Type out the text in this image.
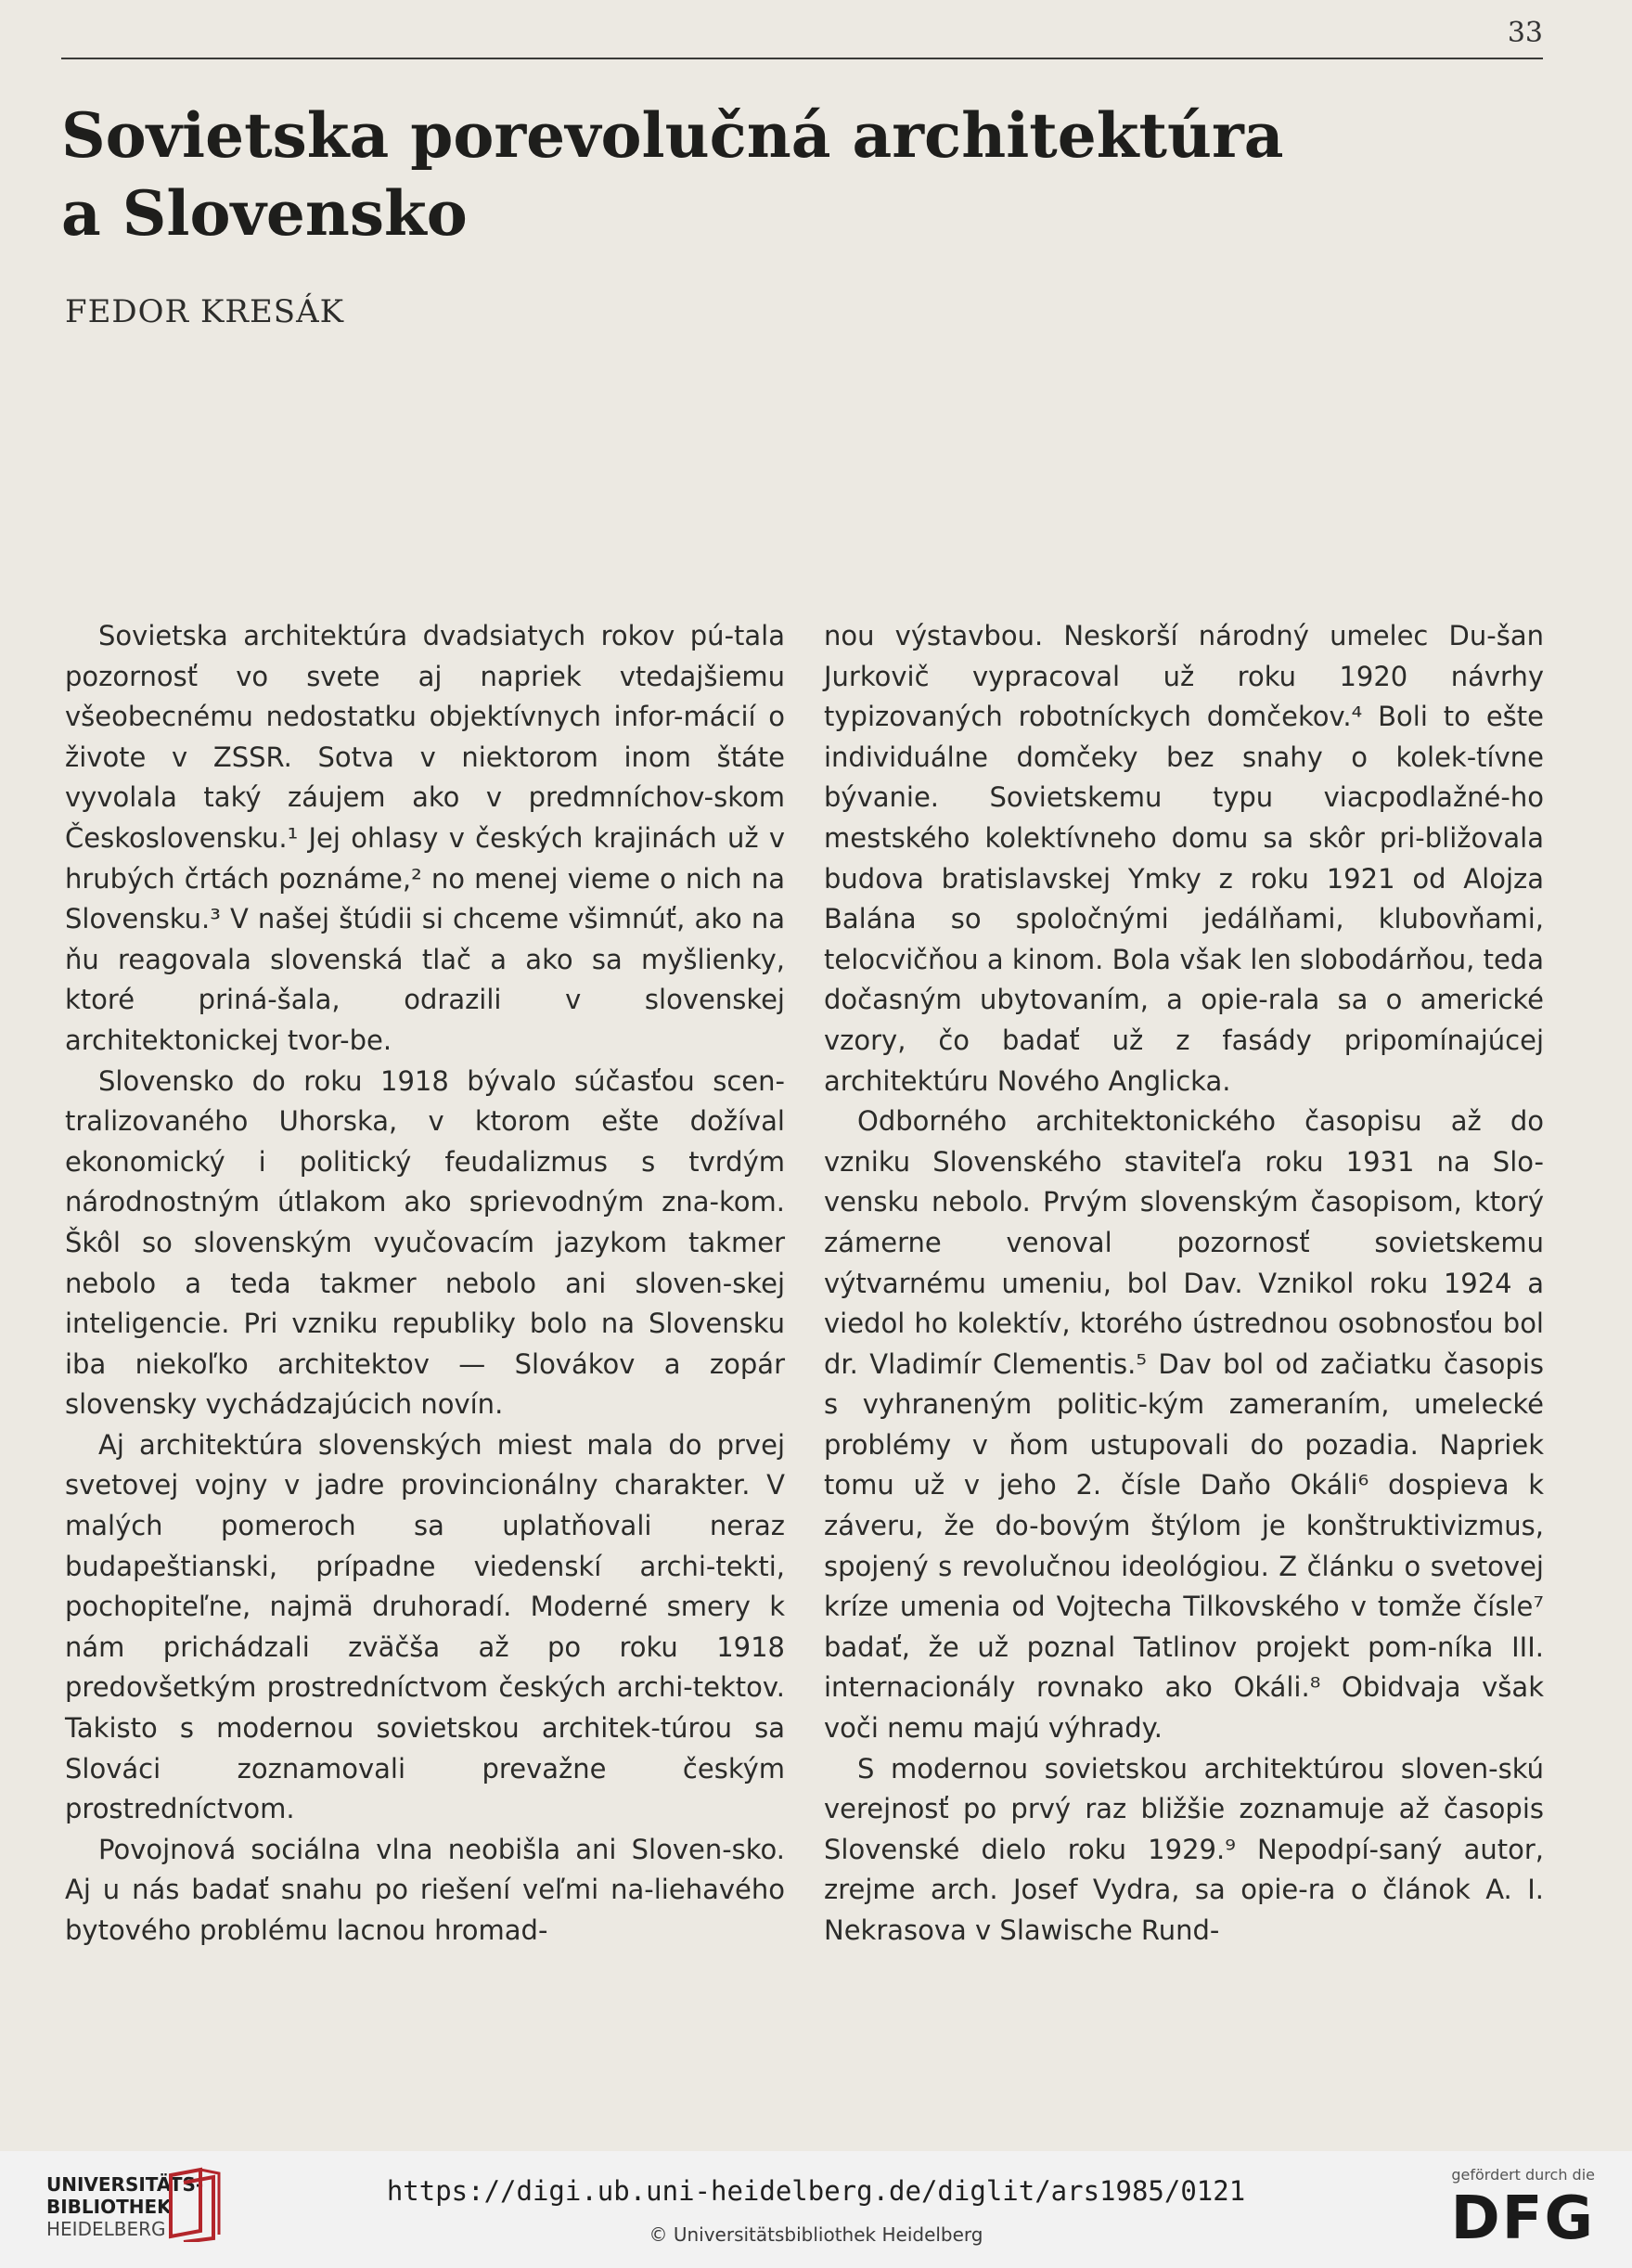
33
Sovietska porevolučná architektúra
a Slovensko

FEDOR KRESÁK

Sovietska architektúra dvadsiatych rokov pú-tala pozornosť vo svete aj napriek vtedajšiemu všeobecnému nedostatku objektívnych infor-mácií o živote v ZSSR. Sotva v niektorom inom štáte vyvolala taký záujem ako v predmníchov-skom Československu.¹ Jej ohlasy v českých krajinách už v hrubých črtách poznáme,² no menej vieme o nich na Slovensku.³ V našej štúdii si chceme všimnúť, ako na ňu reagovala slovenská tlač a ako sa myšlienky, ktoré priná-šala, odrazili v slovenskej architektonickej tvor-be.

Slovensko do roku 1918 bývalo súčasťou scen-tralizovaného Uhorska, v ktorom ešte dožíval ekonomický i politický feudalizmus s tvrdým národnostným útlakom ako sprievodným zna-kom. Škôl so slovenským vyučovacím jazykom takmer nebolo a teda takmer nebolo ani sloven-skej inteligencie. Pri vzniku republiky bolo na Slovensku iba niekoľko architektov — Slovákov a zopár slovensky vychádzajúcich novín.

Aj architektúra slovenských miest mala do prvej svetovej vojny v jadre provincionálny charakter. V malých pomeroch sa uplatňovali neraz budapeštianski, prípadne viedenskí archi-tekti, pochopiteľne, najmä druhoradí. Moderné smery k nám prichádzali zväčša až po roku 1918 predovšetkým prostredníctvom českých archi-tektov. Takisto s modernou sovietskou architek-túrou sa Slováci zoznamovali prevažne českým prostredníctvom.

Povojnová sociálna vlna neobišla ani Sloven-sko. Aj u nás badať snahu po riešení veľmi na-liehavého bytového problému lacnou hromad-

nou výstavbou. Neskorší národný umelec Du-šan Jurkovič vypracoval už roku 1920 návrhy typizovaných robotníckych domčekov.⁴ Boli to ešte individuálne domčeky bez snahy o kolek-tívne bývanie. Sovietskemu typu viacpodlažné-ho mestského kolektívneho domu sa skôr pri-bližovala budova bratislavskej Ymky z roku 1921 od Alojza Balána so spoločnými jedálňami, klubovňami, telocvičňou a kinom. Bola však len slobodárňou, teda dočasným ubytovaním, a opie-rala sa o americké vzory, čo badať už z fasády pripomínajúcej architektúru Nového Anglicka.

Odborného architektonického časopisu až do vzniku Slovenského staviteľa roku 1931 na Slo-vensku nebolo. Prvým slovenským časopisom, ktorý zámerne venoval pozornosť sovietskemu výtvarnému umeniu, bol Dav. Vznikol roku 1924 a viedol ho kolektív, ktorého ústrednou osobnosťou bol dr. Vladimír Clementis.⁵ Dav bol od začiatku časopis s vyhraneným politic-kým zameraním, umelecké problémy v ňom ustupovali do pozadia. Napriek tomu už v jeho 2. čísle Daňo Okáli⁶ dospieva k záveru, že do-bovým štýlom je konštruktivizmus, spojený s revolučnou ideológiou. Z článku o svetovej kríze umenia od Vojtecha Tilkovského v tomže čísle⁷ badať, že už poznal Tatlinov projekt pom-níka III. internacionály rovnako ako Okáli.⁸ Obidvaja však voči nemu majú výhrady.

S modernou sovietskou architektúrou sloven-skú verejnosť po prvý raz bližšie zoznamuje až časopis Slovenské dielo roku 1929.⁹ Nepodpí-saný autor, zrejme arch. Josef Vydra, sa opie-ra o článok A. I. Nekrasova v Slawische Rund-

UNIVERSITÄTS-
BIBLIOTHEK
HEIDELBERG
https://digi.ub.uni-heidelberg.de/diglit/ars1985/0121
© Universitätsbibliothek Heidelberg
gefördert durch die
DFG
